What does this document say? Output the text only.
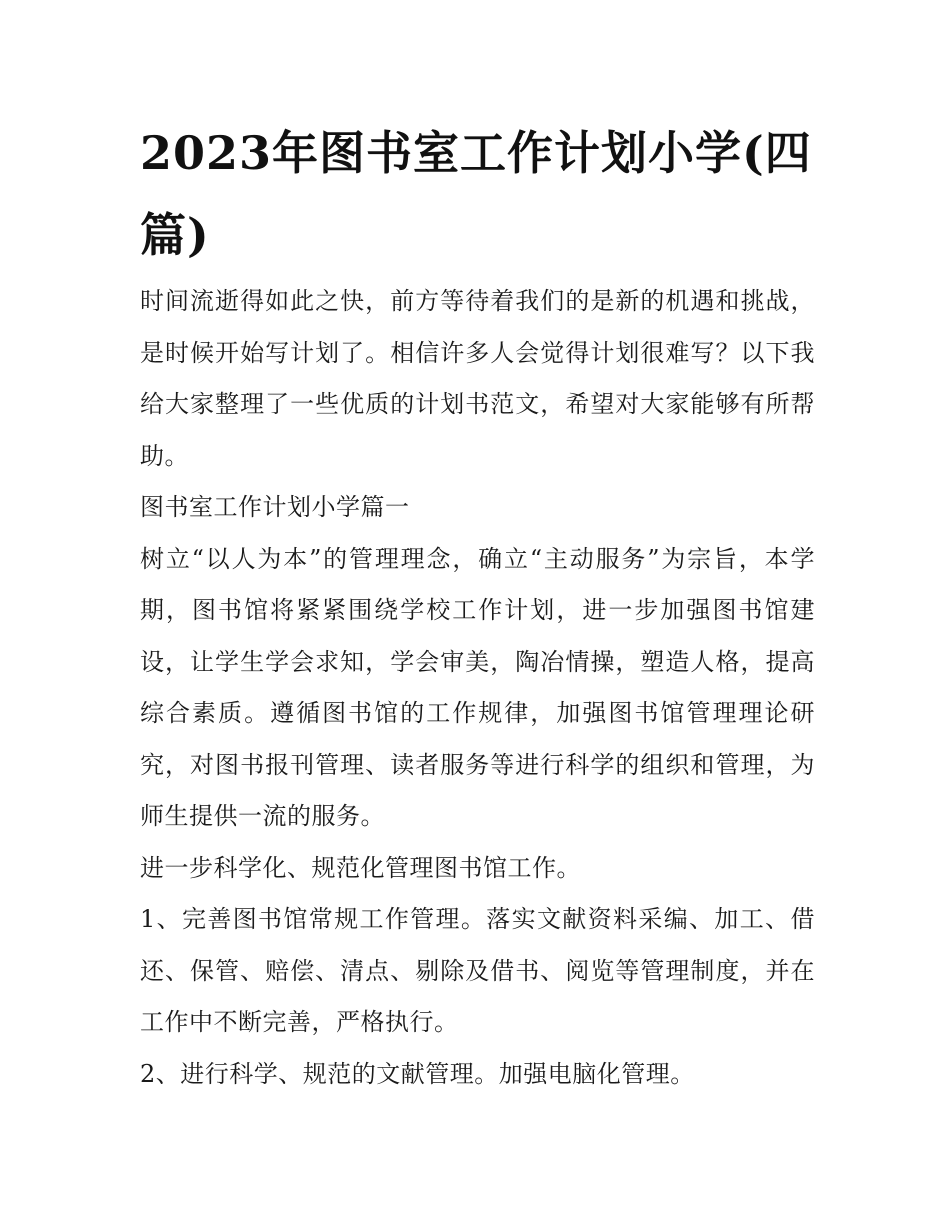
2023年图书室工作计划小学(四篇)

时间流逝得如此之快，前方等待着我们的是新的机遇和挑战，是时候开始写计划了。相信许多人会觉得计划很难写？以下我给大家整理了一些优质的计划书范文，希望对大家能够有所帮助。

图书室工作计划小学篇一

树立“以人为本”的管理理念，确立“主动服务”为宗旨，本学期，图书馆将紧紧围绕学校工作计划，进一步加强图书馆建设，让学生学会求知，学会审美，陶冶情操，塑造人格，提高综合素质。遵循图书馆的工作规律，加强图书馆管理理论研究，对图书报刊管理、读者服务等进行科学的组织和管理，为师生提供一流的服务。

进一步科学化、规范化管理图书馆工作。

1、完善图书馆常规工作管理。落实文献资料采编、加工、借还、保管、赔偿、清点、剔除及借书、阅览等管理制度，并在工作中不断完善，严格执行。

2、进行科学、规范的文献管理。加强电脑化管理。
